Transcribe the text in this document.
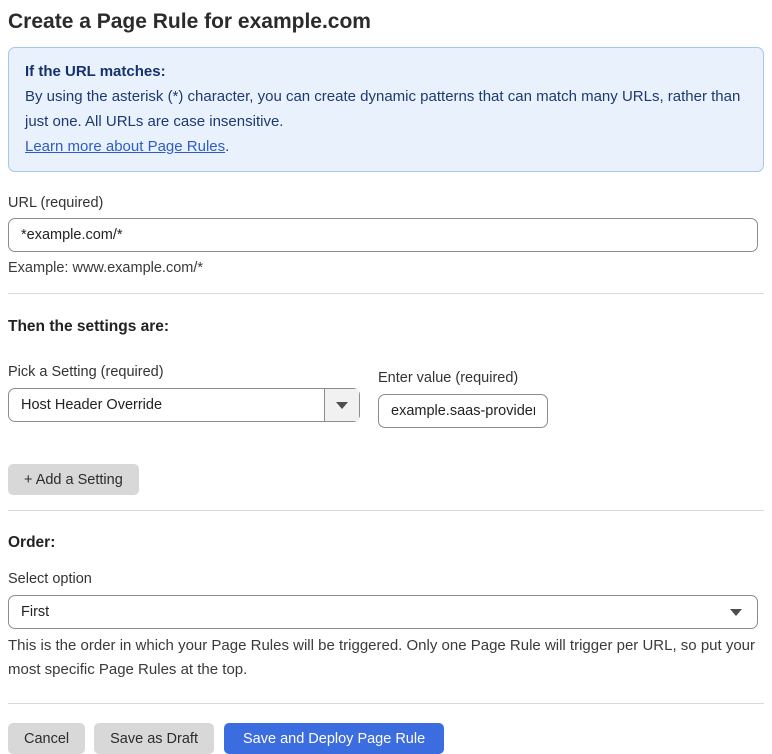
Create a Page Rule for example.com
If the URL matches:
By using the asterisk (*) character, you can create dynamic patterns that can match many URLs, rather than just one. All URLs are case insensitive.
Learn more about Page Rules.
URL (required)
*example.com/*
Example: www.example.com/*
Then the settings are:
Pick a Setting (required)
Host Header Override
Enter value (required)
example.saas-provider.com
+ Add a Setting
Order:
Select option
First
This is the order in which your Page Rules will be triggered. Only one Page Rule will trigger per URL, so put your most specific Page Rules at the top.
Cancel	Save as Draft	Save and Deploy Page Rule
